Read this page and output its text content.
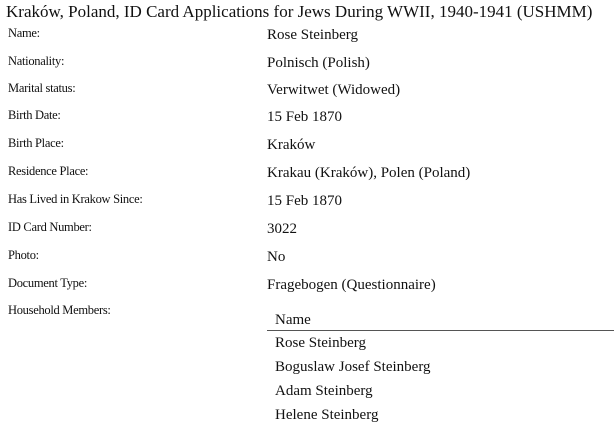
Kraków, Poland, ID Card Applications for Jews During WWII, 1940-1941 (USHMM)
Name:	Rose Steinberg
Nationality:	Polnisch (Polish)
Marital status:	Verwitwet (Widowed)
Birth Date:	15 Feb 1870
Birth Place:	Kraków
Residence Place:	Krakau (Kraków), Polen (Poland)
Has Lived in Krakow Since:	15 Feb 1870
ID Card Number:	3022
Photo:	No
Document Type:	Fragebogen (Questionnaire)
Household Members:
Name
Rose Steinberg
Boguslaw Josef Steinberg
Adam Steinberg
Helene Steinberg
